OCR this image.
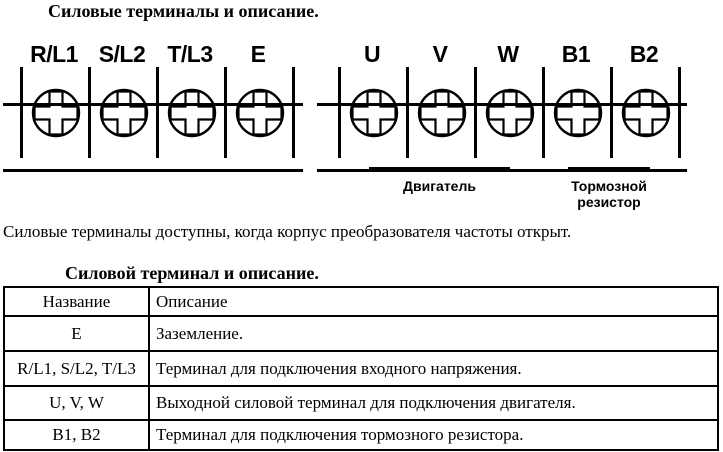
Силовые терминалы и описание.
R/L1 S/L2 T/L3	E	U	V	W	B1	B2
Двигатель	Тормозной резистор
Силовые терминалы доступны, когда корпус преобразователя частоты открыт.
Силовой терминал и описание.
Название	Описание
E	Заземление.
R/L1, S/L2, T/L3	Терминал для подключения входного напряжения.
U, V, W	Выходной силовой терминал для подключения двигателя.
B1, B2	Терминал для подключения тормозного резистора.
